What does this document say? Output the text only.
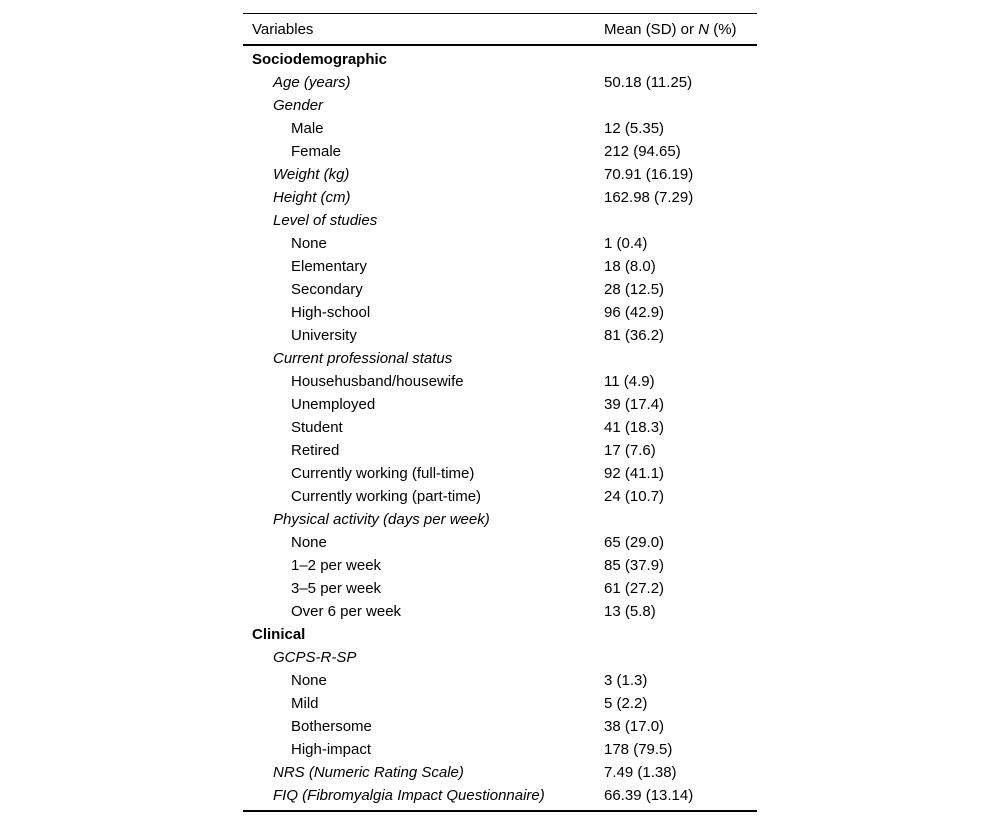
Variables	Mean (SD) or N (%)
Sociodemographic
Age (years)	50.18 (11.25)
Gender
Male	12 (5.35)
Female	212 (94.65)
Weight (kg)	70.91 (16.19)
Height (cm)	162.98 (7.29)
Level of studies
None	1 (0.4)
Elementary	18 (8.0)
Secondary	28 (12.5)
High-school	96 (42.9)
University	81 (36.2)
Current professional status
Househusband/housewife	11 (4.9)
Unemployed	39 (17.4)
Student	41 (18.3)
Retired	17 (7.6)
Currently working (full-time)	92 (41.1)
Currently working (part-time)	24 (10.7)
Physical activity (days per week)
None	65 (29.0)
1–2 per week	85 (37.9)
3–5 per week	61 (27.2)
Over 6 per week	13 (5.8)
Clinical
GCPS-R-SP
None	3 (1.3)
Mild	5 (2.2)
Bothersome	38 (17.0)
High-impact	178 (79.5)
NRS (Numeric Rating Scale)	7.49 (1.38)
FIQ (Fibromyalgia Impact Questionnaire)	66.39 (13.14)
